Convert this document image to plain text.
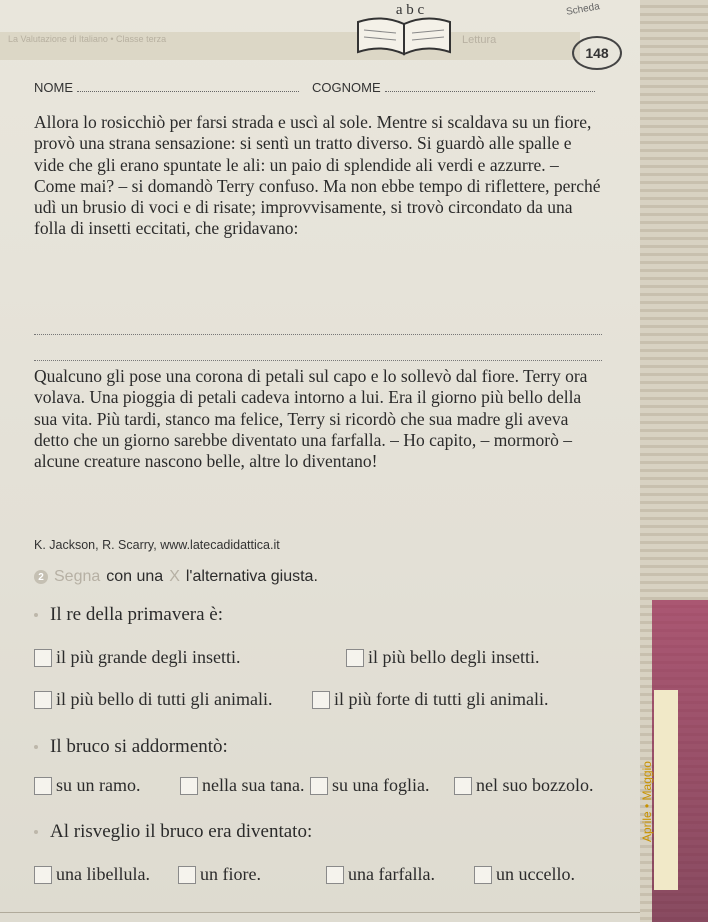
Aprile • Maggio
La Valutazione di Italiano • Classe terza	Lettura
a b c	Scheda
148
NOME	COGNOME

Allora lo rosicchiò per farsi strada e uscì al sole. Mentre si scaldava su un fiore, provò una strana sensazione: si sentì un tratto diverso. Si guardò alle spalle e vide che gli erano spuntate le ali: un paio di splendide ali verdi e azzurre. – Come mai? – si domandò Terry confuso. Ma non ebbe tempo di riflettere, perché udì un brusio di voci e di risate; improvvisamente, si trovò circondato da una folla di insetti eccitati, che gridavano:

Qualcuno gli pose una corona di petali sul capo e lo sollevò dal fiore. Terry ora volava. Una pioggia di petali cadeva intorno a lui. Era il giorno più bello della sua vita. Più tardi, stanco ma felice, Terry si ricordò che sua madre gli aveva detto che un giorno sarebbe diventato una farfalla. – Ho capito, – mormorò – alcune creature nascono belle, altre lo diventano!

K. Jackson, R. Scarry, www.latecadidattica.it
2 Segna con una X l'alternativa giusta.
Il re della primavera è:
il più grande degli insetti.	il più bello degli insetti.
il più bello di tutti gli animali.	il più forte di tutti gli animali.
Il bruco si addormentò:
su un ramo.	nella sua tana. su una foglia.	nel suo bozzolo.
Al risveglio il bruco era diventato:
una libellula.	un fiore.	una farfalla.	un uccello.
